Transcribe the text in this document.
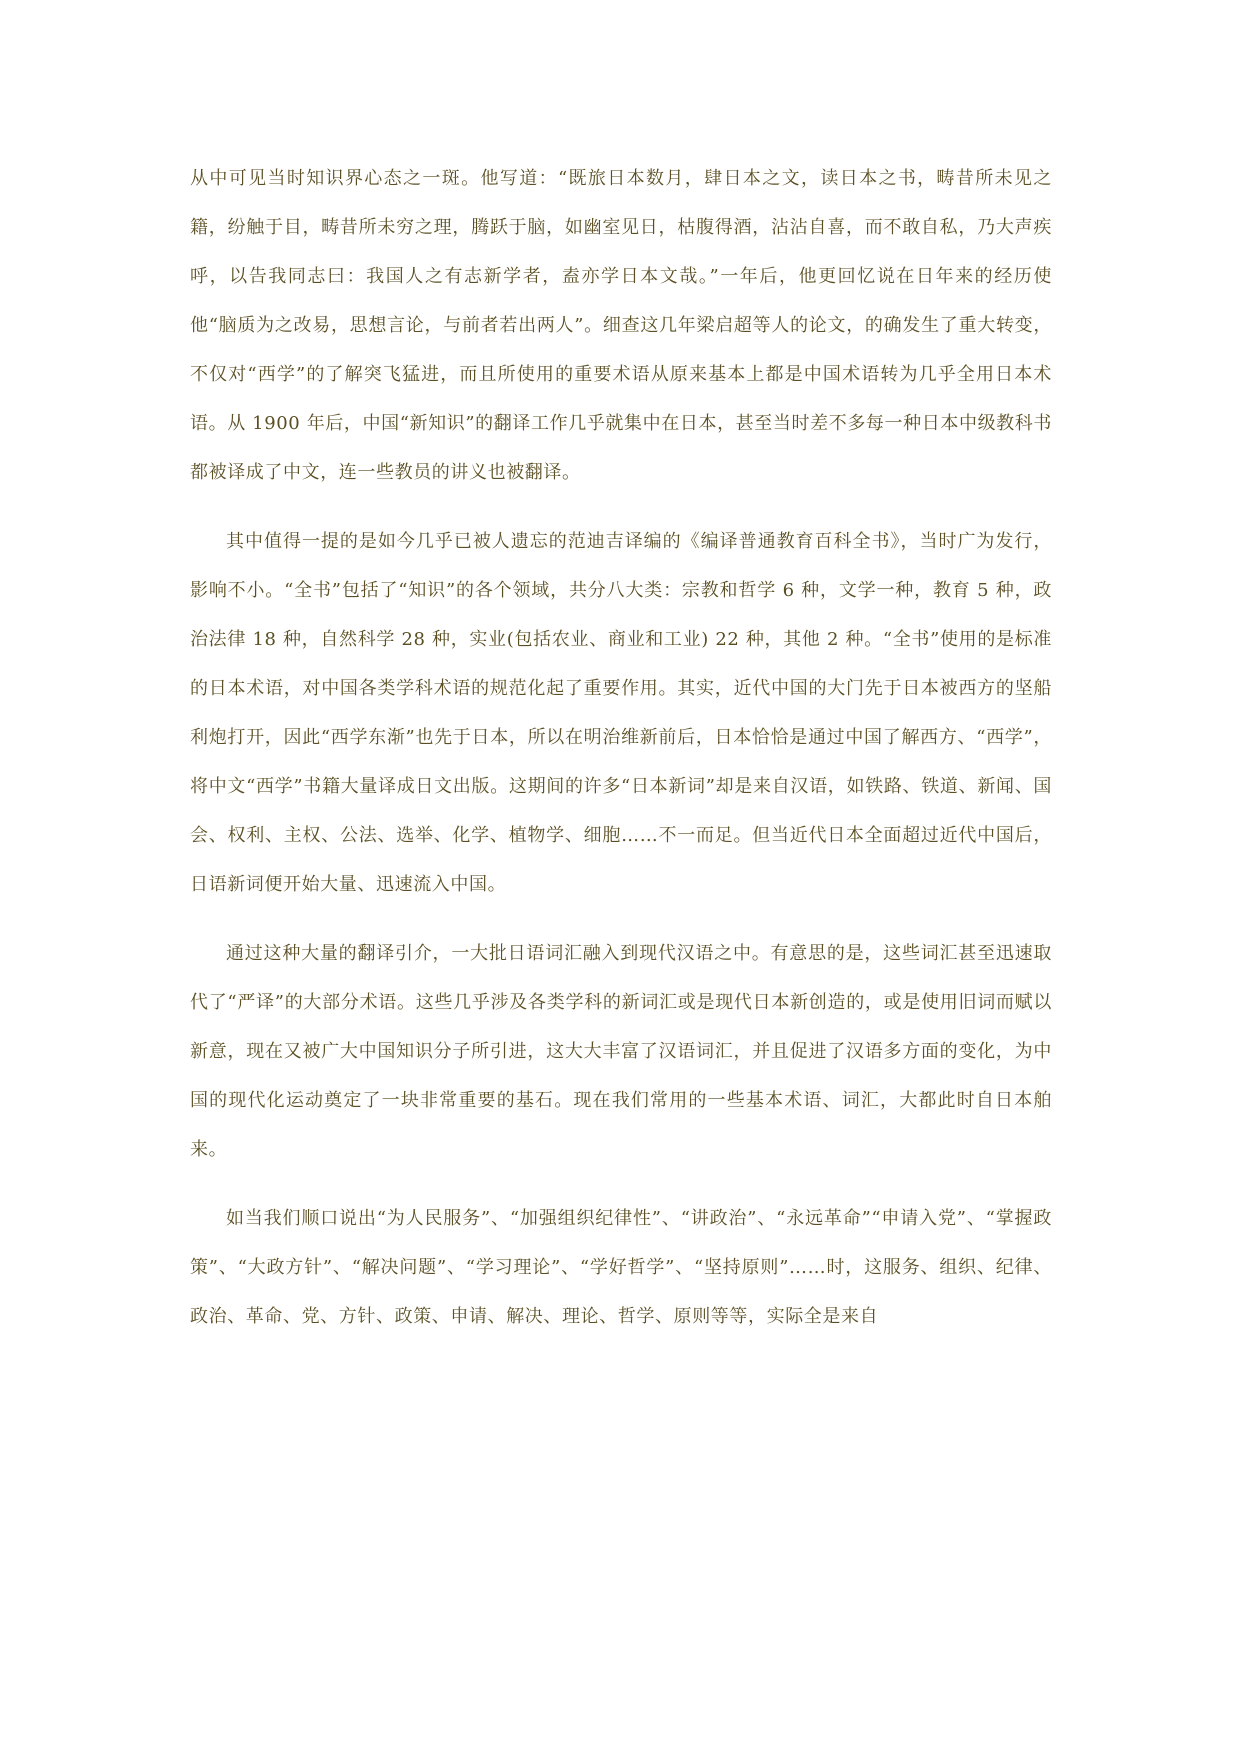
从中可见当时知识界心态之一斑。他写道：“既旅日本数月，肆日本之文，读日本之书，畴昔所未见之籍，纷触于目，畴昔所未穷之理，腾跃于脑，如幽室见日，枯腹得酒，沾沾自喜，而不敢自私，乃大声疾呼，以告我同志曰：我国人之有志新学者，盍亦学日本文哉。”一年后，他更回忆说在日年来的经历使他“脑质为之改易，思想言论，与前者若出两人”。细查这几年梁启超等人的论文，的确发生了重大转变，不仅对“西学”的了解突飞猛进，而且所使用的重要术语从原来基本上都是中国术语转为几乎全用日本术语。从 1900 年后，中国“新知识”的翻译工作几乎就集中在日本，甚至当时差不多每一种日本中级教科书都被译成了中文，连一些教员的讲义也被翻译。

其中值得一提的是如今几乎已被人遗忘的范迪吉译编的《编译普通教育百科全书》，当时广为发行，影响不小。“全书”包括了“知识”的各个领域，共分八大类：宗教和哲学 6 种，文学一种，教育 5 种，政治法律 18 种，自然科学 28 种，实业(包括农业、商业和工业) 22 种，其他 2 种。“全书”使用的是标准的日本术语，对中国各类学科术语的规范化起了重要作用。其实，近代中国的大门先于日本被西方的坚船利炮打开，因此“西学东渐”也先于日本，所以在明治维新前后，日本恰恰是通过中国了解西方、“西学”，将中文“西学”书籍大量译成日文出版。这期间的许多“日本新词”却是来自汉语，如铁路、铁道、新闻、国会、权利、主权、公法、选举、化学、植物学、细胞……不一而足。但当近代日本全面超过近代中国后，日语新词便开始大量、迅速流入中国。

通过这种大量的翻译引介，一大批日语词汇融入到现代汉语之中。有意思的是，这些词汇甚至迅速取代了“严译”的大部分术语。这些几乎涉及各类学科的新词汇或是现代日本新创造的，或是使用旧词而赋以新意，现在又被广大中国知识分子所引进，这大大丰富了汉语词汇，并且促进了汉语多方面的变化，为中国的现代化运动奠定了一块非常重要的基石。现在我们常用的一些基本术语、词汇，大都此时自日本舶来。

如当我们顺口说出“为人民服务”、“加强组织纪律性”、“讲政治”、“永远革命”“申请入党”、“掌握政策”、“大政方针”、“解决问题”、“学习理论”、“学好哲学”、“坚持原则”……时，这服务、组织、纪律、政治、革命、党、方针、政策、申请、解决、理论、哲学、原则等等，实际全是来自
